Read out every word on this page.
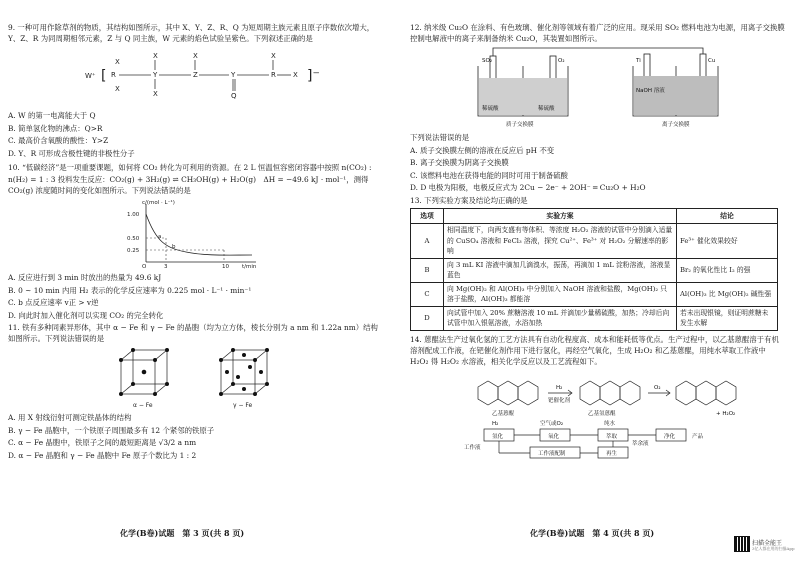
9. 一种可用作除草剂的物质，其结构如图所示，其中 X、Y、Z、R、Q 为短周期主族元素且原子序数依次增大，Y、Z、R 为同周期相邻元素，Z 与 Q 同主族，W 元素的焰色试验呈紫色。下列叙述正确的是

W⁺ [	]⁻
R
X
X
Y
X
X
Z
X
Y
Q
R
X
X

A. W 的第一电离能大于 Q

B. 简单氢化物的沸点：Q>R

C. 最高价含氧酸的酸性：Y>Z

D. Y、R 可形成含极性键的非极性分子

10. “低碳经济”是一项重要课题，如何将 CO₂ 转化为可利用的资源。在 2 L 恒温恒容密闭容器中按照 n(CO₂) : n(H₂) = 1 : 3 投料发生反应：CO₂(g) + 3H₂(g) ⇌ CH₃OH(g) + H₂O(g)　ΔH = −49.6 kJ · mol⁻¹，测得 CO₂(g) 浓度随时间的变化如图所示。下列说法错误的是

c/(mol · L⁻¹)
t/min
1.00
0.50
0.25
3	10
O
a
b

A. 反应进行到 3 min 时放出的热量为 49.6 kJ

B. 0 ~ 10 min 内用 H₂ 表示的化学反应速率为 0.225 mol · L⁻¹ · min⁻¹

C. b 点反应速率 v正 > v逆

D. 向此时加入催化剂可以实现 CO₂ 的完全转化

11. 铁有多种同素异形体，其中 α − Fe 和 γ − Fe 的晶胞（均为立方体，棱长分别为 a nm 和 1.22a nm）结构如图所示。下列说法错误的是

α − Fe	γ − Fe

A. 用 X 射线衍射可测定铁晶体的结构

B. γ − Fe 晶胞中，一个铁原子周围最多有 12 个紧邻的铁原子

C. α − Fe 晶胞中，铁原子之间的最短距离是 √3/2 a nm

D. α − Fe 晶胞和 γ − Fe 晶胞中 Fe 原子个数比为 1 : 2

化学(B卷)试题　第 3 页(共 8 页)

12. 纳米级 Cu₂O 在涂料、有色玻璃、催化剂等领域有着广泛的应用。现采用 SO₂ 燃料电池为电源，用离子交换膜控制电解液中的离子来制备纳米 Cu₂O，其装置如图所示。

SO₂	O₂
质子交换膜
稀硫酸	稀硫酸
Ti	Cu
NaOH 溶液
离子交换膜

下列说法错误的是

A. 质子交换膜左侧的溶液在反应后 pH 不变

B. 离子交换膜为阴离子交换膜

C. 该燃料电池在获得电能的同时可用于制备硫酸

D. D 电极为阳极，电极反应式为 2Cu − 2e⁻ + 2OH⁻ ═ Cu₂O + H₂O

13. 下列实验方案及结论均正确的是

选项	实验方案	结论
A	相同温度下，向两支盛有等体积、等浓度 H₂O₂ 溶液的试管中分别滴入适量的 CuSO₄ 溶液和 FeCl₃ 溶液，探究 Cu²⁺、Fe³⁺ 对 H₂O₂ 分解速率的影响	Fe³⁺ 催化效果较好
B	向 3 mL KI 溶液中滴加几滴溴水，振荡，再滴加 1 mL 淀粉溶液，溶液显蓝色	Br₂ 的氧化性比 I₂ 的强
C	向 Mg(OH)₂ 和 Al(OH)₃ 中分别加入 NaOH 溶液和盐酸，Mg(OH)₂ 只溶于盐酸，Al(OH)₃ 都能溶	Al(OH)₃ 比 Mg(OH)₂ 碱性强
D	向试管中加入 20% 蔗糖溶液 10 mL 并滴加少量稀硫酸，加热；冷却后向试管中加入银氨溶液，水浴加热	若未出现银镜，则证明蔗糖未发生水解

14. 蒽醌法生产过氧化氢的工艺方法具有自动化程度高、成本和能耗低等优点。生产过程中，以乙基蒽醌溶于有机溶剂配成工作液，在钯催化剂作用下进行氢化，再经空气氧化，生成 H₂O₂ 和乙基蒽醌，用纯水萃取工作液中 H₂O₂ 得 H₂O₂ 水溶液，相关化学反应以及工艺流程如下。

乙基蒽醌	乙基氢蒽醌
H₂
钯催化剂
O₂
+ H₂O₂
氢化	氧化	萃取	净化
工作液配制	再生
工作液
H₂	空气或O₂	纯水
萃余液
产品
化学(B卷)试题　第 4 页(共 8 页)
扫描全能王
3亿人都在用的扫描App
